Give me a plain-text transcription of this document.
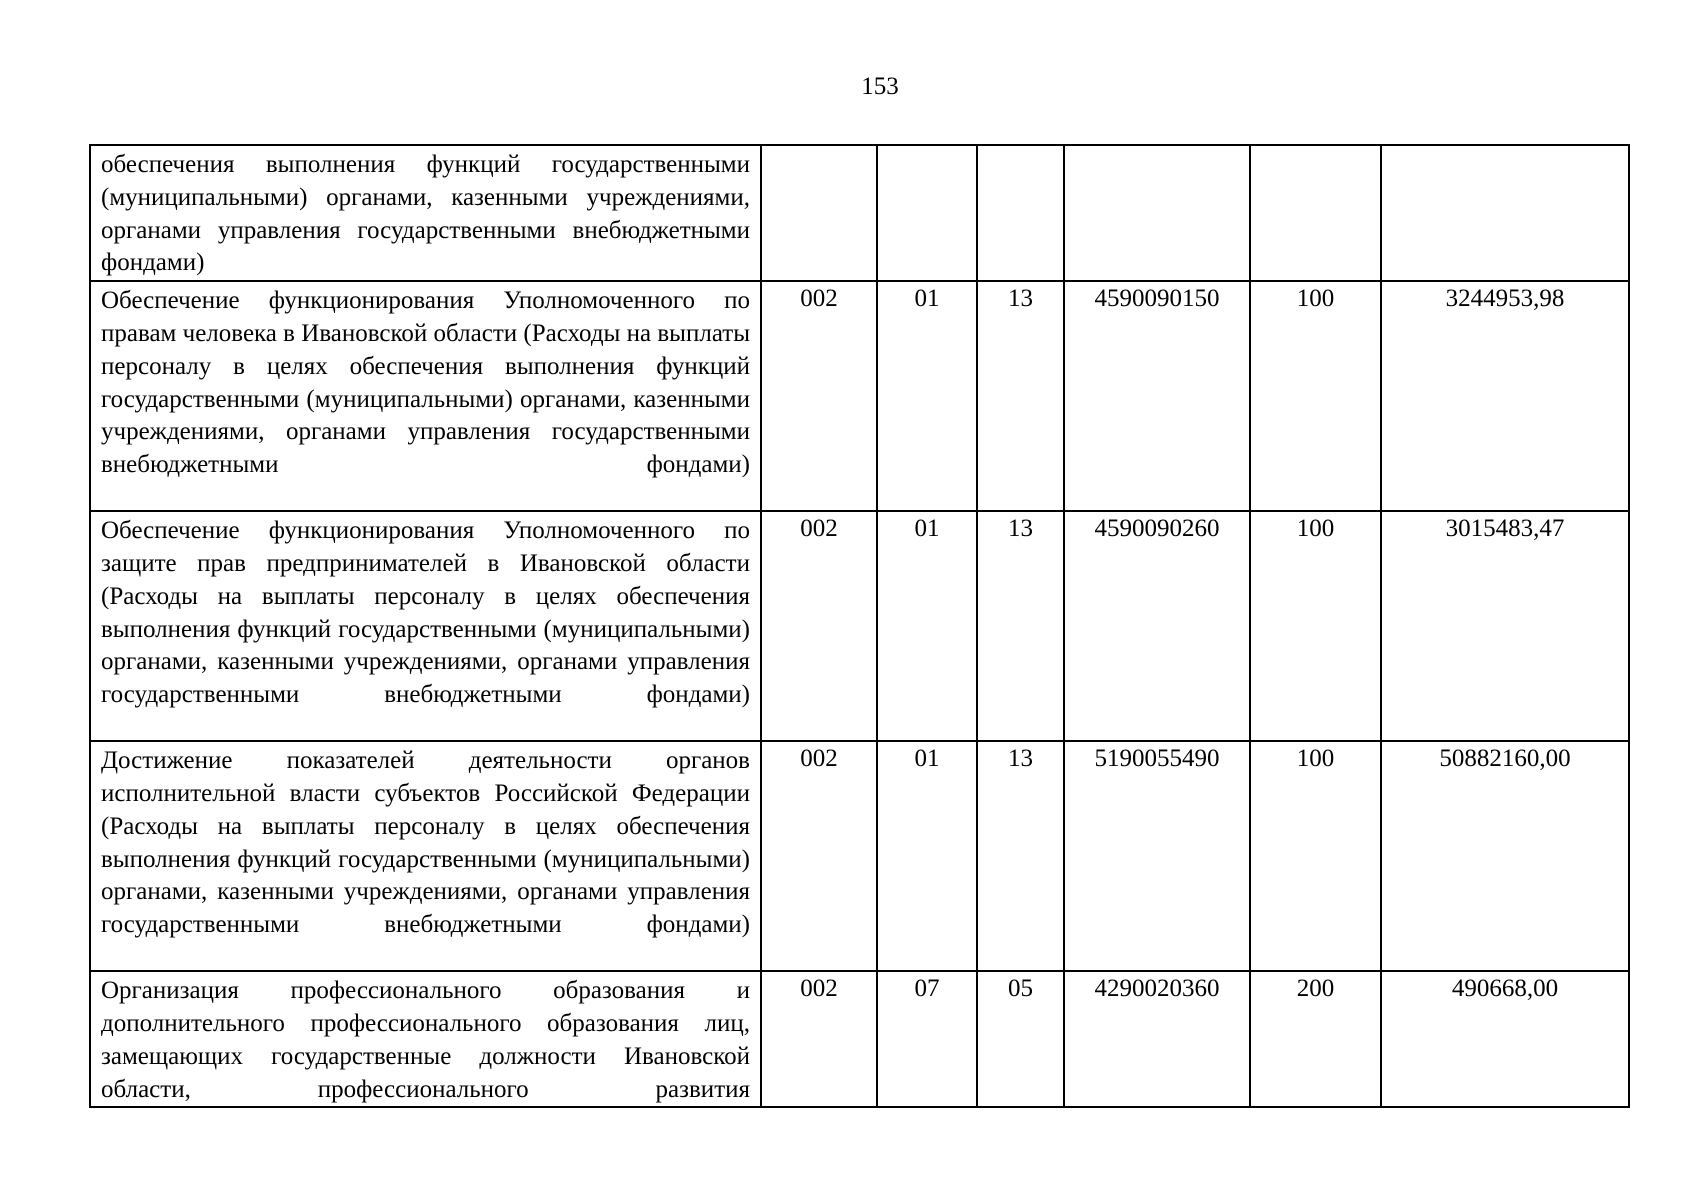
153
обеспечения выполнения функций государственными (муниципальными) органами, казенными учреждениями, органами управления государственными внебюджетными фондами)						

Обеспечение функционирования Уполномоченного по правам человека в Ивановской области (Расходы на выплаты персоналу в целях обеспечения выполнения функций государственными (муниципальными) органами, казенными учреждениями, органами управления государственными внебюджетными фондами)	002	01	13	4590090150	100	3244953,98

Обеспечение функционирования Уполномоченного по защите прав предпринимателей в Ивановской области (Расходы на выплаты персоналу в целях обеспечения выполнения функций государственными (муниципальными) органами, казенными учреждениями, органами управления государственными внебюджетными фондами)	002	01	13	4590090260	100	3015483,47

Достижение показателей деятельности органов исполнительной власти субъектов Российской Федерации (Расходы на выплаты персоналу в целях обеспечения выполнения функций государственными (муниципальными) органами, казенными учреждениями, органами управления государственными внебюджетными фондами)	002	01	13	5190055490	100	50882160,00

Организация профессионального образования и дополнительного профессионального образования лиц, замещающих государственные должности Ивановской области, профессионального развития	002	07	05	4290020360	200	490668,00
